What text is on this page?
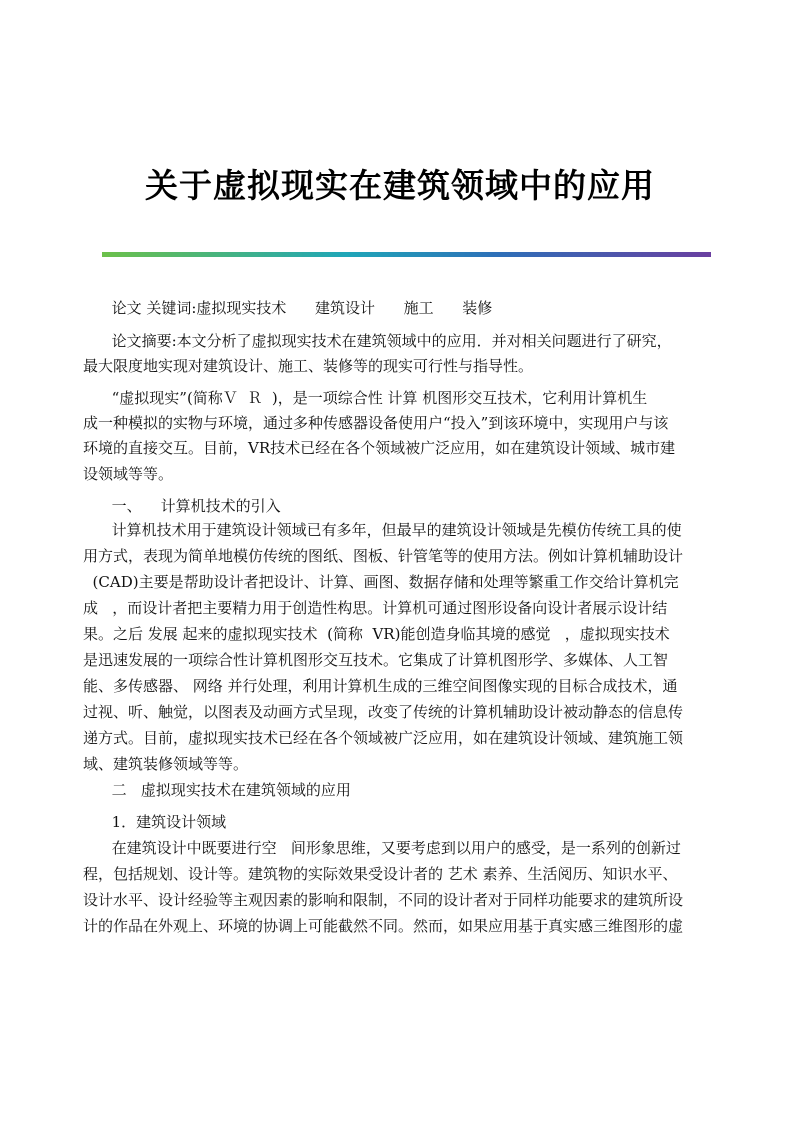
关于虚拟现实在建筑领域中的应用
论文 关键词:虚拟现实技术      建筑设计      施工      装修
论文摘要:本文分析了虚拟现实技术在建筑领域中的应用．并对相关问题进行了研究，
最大限度地实现对建筑设计、施工、装修等的现实可行性与指导性。
“虚拟现实”(简称Ｖ  Ｒ  )，是一项综合性 计算 机图形交互技术，它利用计算机生
成一种模拟的实物与环境，通过多种传感器设备使用户“投入”到该环境中，实现用户与该
环境的直接交互。目前，VR技术已经在各个领域被广泛应用，如在建筑设计领域、城市建
设领域等等。
一、    计算机技术的引入
计算机技术用于建筑设计领域已有多年，但最早的建筑设计领域是先模仿传统工具的使
用方式，表现为简单地模仿传统的图纸、图板、针管笔等的使用方法。例如计算机辅助设计
(CAD)主要是帮助设计者把设计、计算、画图、数据存储和处理等繁重工作交给计算机完
成   ，而设计者把主要精力用于创造性构思。计算机可通过图形设备向设计者展示设计结
果。之后 发展 起来的虚拟现实技术  (简称  VR)能创造身临其境的感觉   ，虚拟现实技术
是迅速发展的一项综合性计算机图形交互技术。它集成了计算机图形学、多媒体、人工智
能、多传感器、 网络 并行处理，利用计算机生成的三维空间图像实现的目标合成技术，通
过视、听、触觉，以图表及动画方式呈现，改变了传统的计算机辅助设计被动静态的信息传
递方式。目前，虚拟现实技术已经在各个领域被广泛应用，如在建筑设计领域、建筑施工领
域、建筑装修领域等等。
二   虚拟现实技术在建筑领域的应用
1．建筑设计领域
在建筑设计中既要进行空   间形象思维，又要考虑到以用户的感受，是一系列的创新过
程，包括规划、设计等。建筑物的实际效果受设计者的 艺术 素养、生活阅历、知识水平、
设计水平、设计经验等主观因素的影响和限制，不同的设计者对于同样功能要求的建筑所设
计的作品在外观上、环境的协调上可能截然不同。然而，如果应用基于真实感三维图形的虚
